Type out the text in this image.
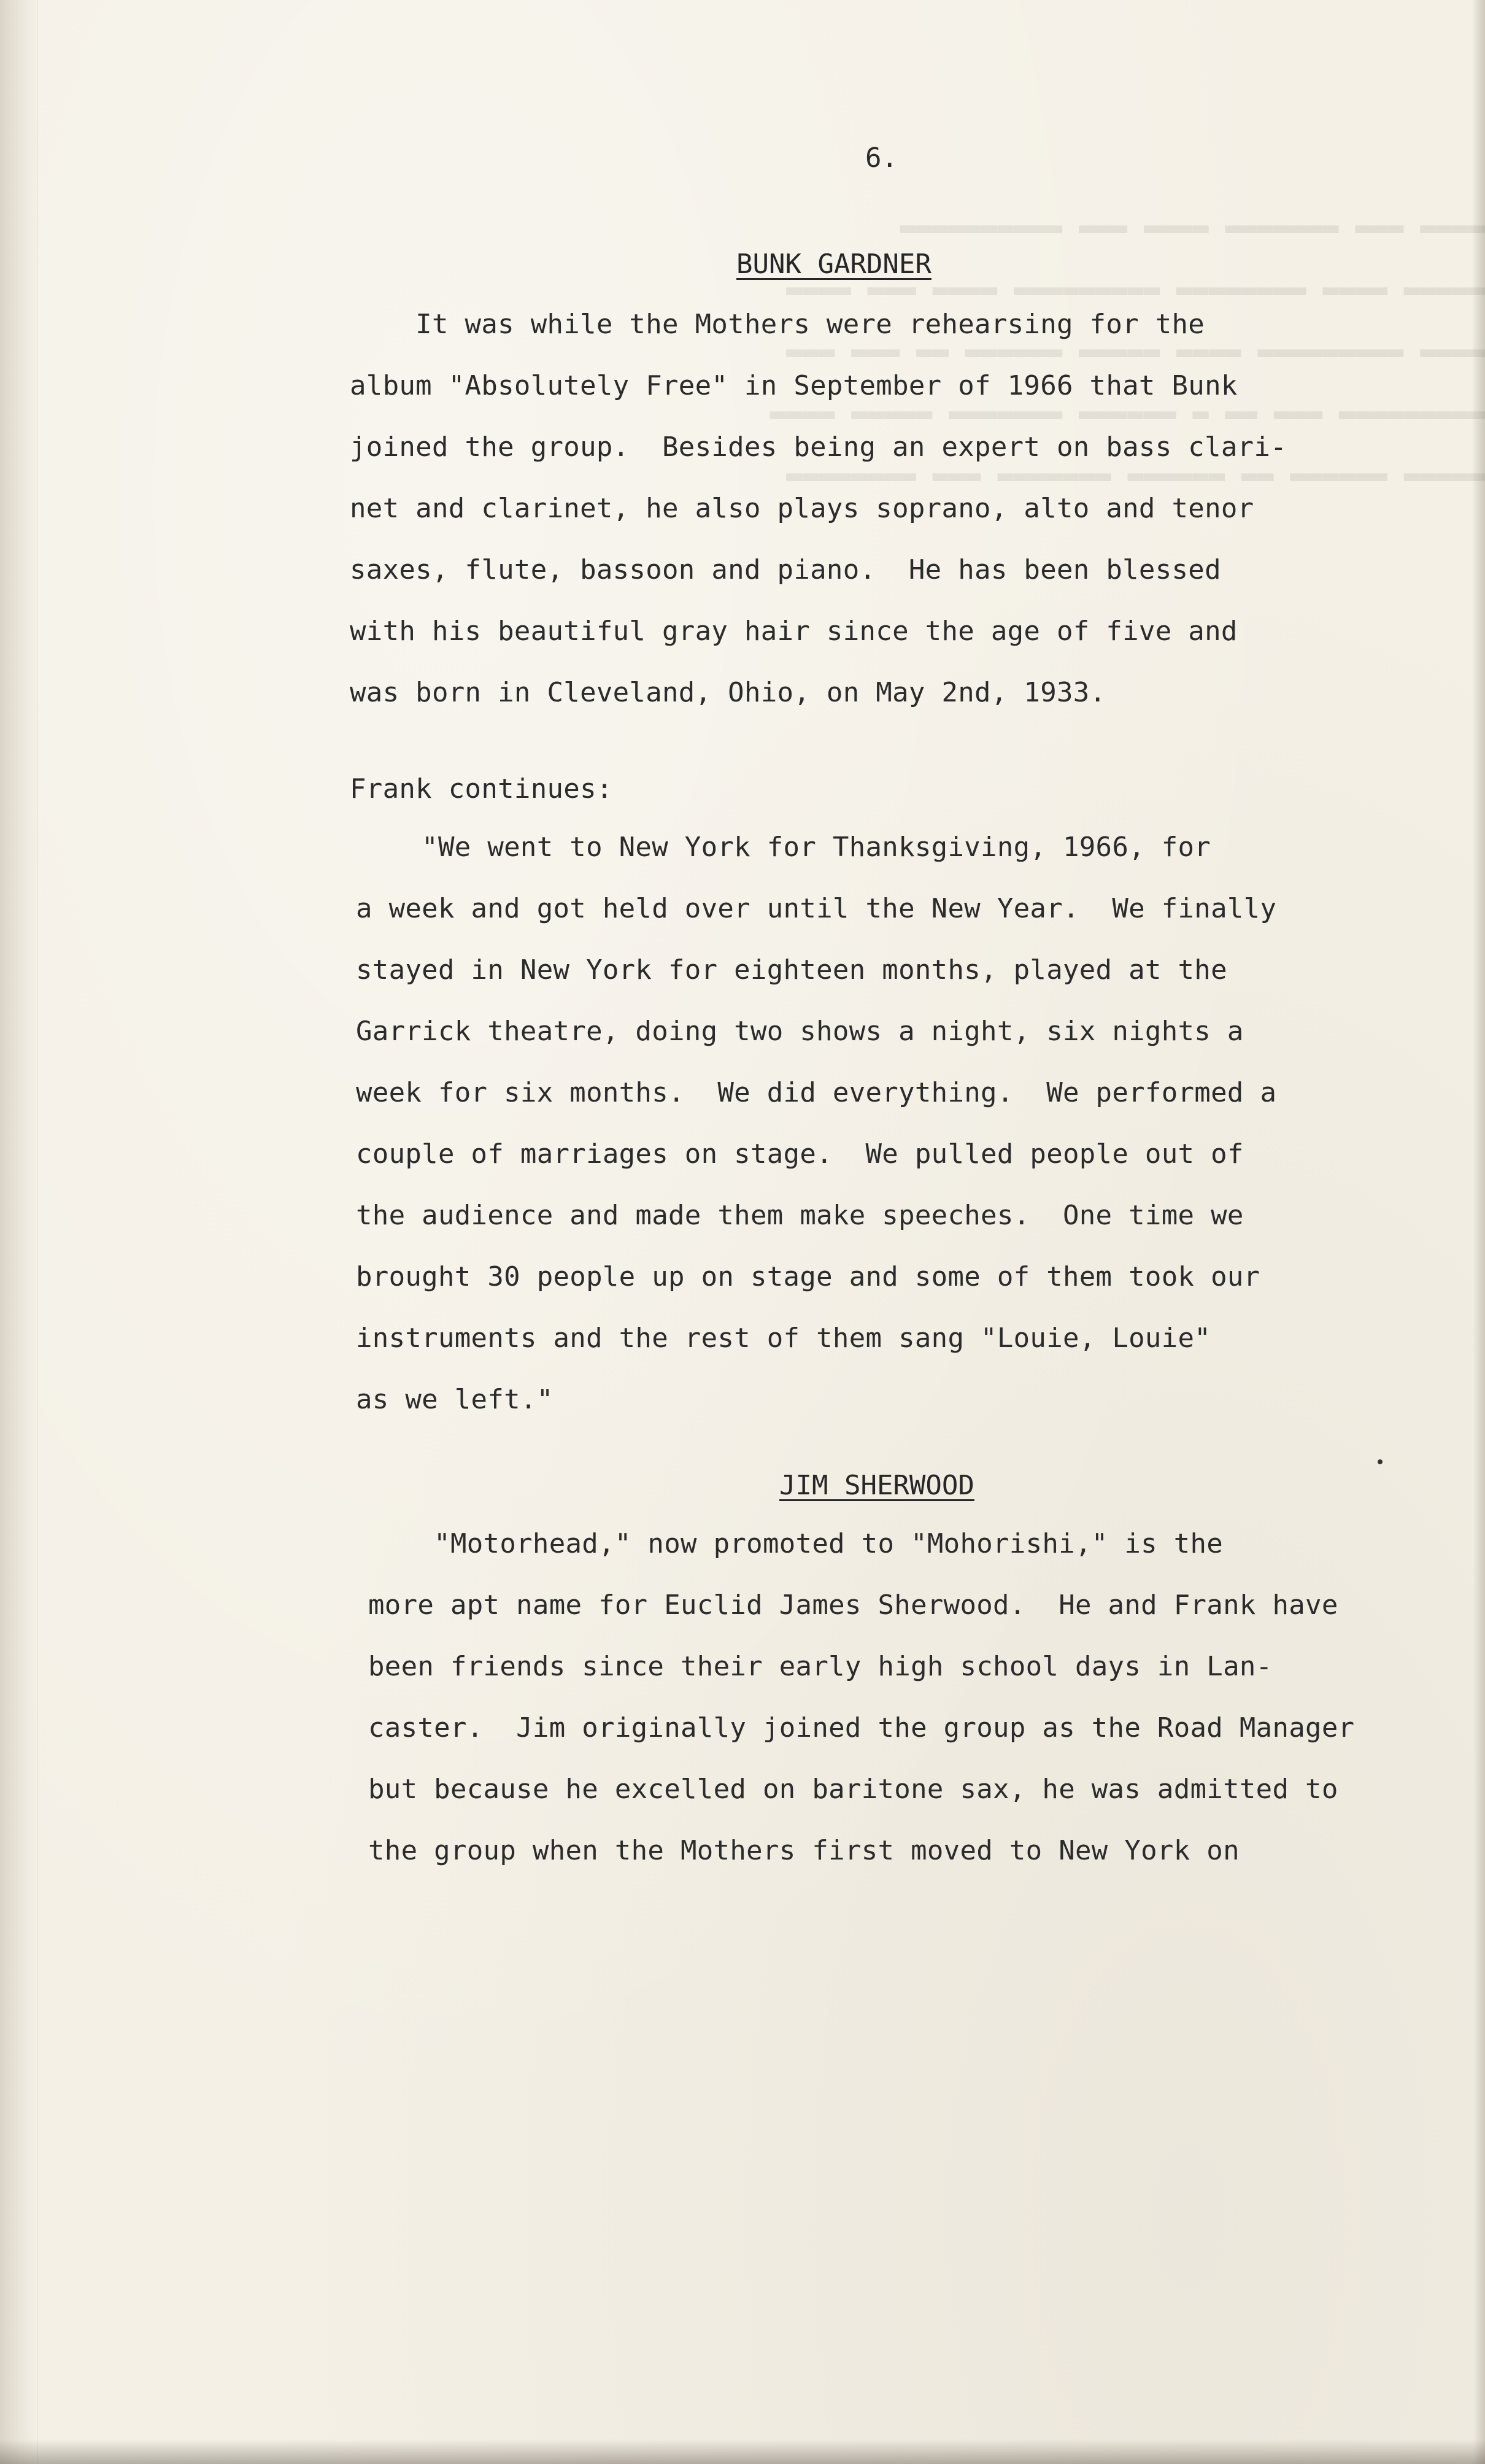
▬▬▬▬ ▬▬▬ ▬▬▬▬▬▬▬ ▬▬▬▬ ▬▬▬ ▬▬▬▬▬▬▬▬▬▬
▬▬▬▬▬ ▬▬▬▬ ▬▬▬▬▬▬▬▬ ▬▬▬▬▬▬▬▬▬ ▬▬▬▬ ▬▬▬ ▬▬▬▬
▬▬▬▬ ▬▬▬▬▬▬▬▬▬ ▬▬▬▬ ▬▬▬▬▬ ▬▬▬▬▬▬ ▬▬ ▬▬▬ ▬▬▬
▬▬▬▬▬▬▬▬▬ ▬▬▬ ▬▬ ▬ ▬▬▬▬▬▬ ▬▬▬▬▬▬▬ ▬▬▬▬▬ ▬▬▬▬
▬▬▬▬▬ ▬▬▬▬▬▬ ▬▬ ▬▬▬▬▬▬ ▬▬▬▬▬▬▬ ▬▬▬ ▬▬▬▬▬▬▬▬
6.
BUNK GARDNER
It was while the Mothers were rehearsing for the
album "Absolutely Free" in September of 1966 that Bunk
joined the group.  Besides being an expert on bass clari-
net and clarinet, he also plays soprano, alto and tenor
saxes, flute, bassoon and piano.  He has been blessed
with his beautiful gray hair since the age of five and
was born in Cleveland, Ohio, on May 2nd, 1933.
Frank continues:
"We went to New York for Thanksgiving, 1966, for
a week and got held over until the New Year.  We finally
stayed in New York for eighteen months, played at the
Garrick theatre, doing two shows a night, six nights a
week for six months.  We did everything.  We performed a
couple of marriages on stage.  We pulled people out of
the audience and made them make speeches.  One time we
brought 30 people up on stage and some of them took our
instruments and the rest of them sang "Louie, Louie"
as we left."
JIM SHERWOOD
"Motorhead," now promoted to "Mohorishi," is the
more apt name for Euclid James Sherwood.  He and Frank have
been friends since their early high school days in Lan-
caster.  Jim originally joined the group as the Road Manager
but because he excelled on baritone sax, he was admitted to
the group when the Mothers first moved to New York on
